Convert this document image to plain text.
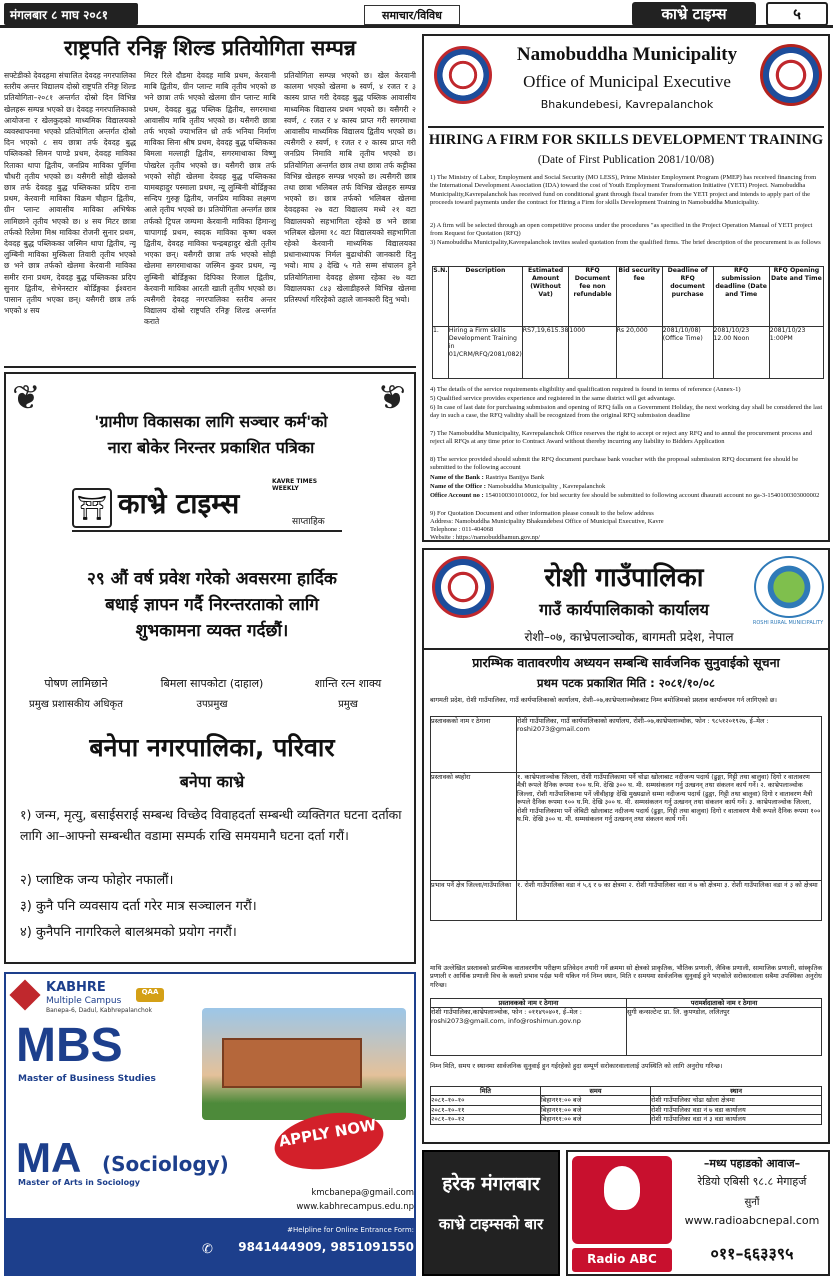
मंगलबार ८ माघ २०८१	समाचार/विविध	काभ्रे टाइम्स	५
राष्ट्रपति रनिङ्ग शिल्ड प्रतियोगिता सम्पन्न
सफ्टेडीको देवदहमा संचालित देवदह नगरपालिका स्तरीय अन्तर विद्यालय दोस्रो राष्ट्रपति रनिङ्ग शिल्ड प्रतियोगिता–२०८१ अन्तर्गत दोस्रो दिन विभिन्न खेलहरू सम्पन्न भएको छ। देवदह नगरपालिकाको आयोजना र खेलकुदको माध्यमिक विद्यालयको व्यवस्थापनमा भएको प्रतियोगिता अन्तर्गत दोस्रो दिन भएको ८ सय छात्रा तर्फ देवदह बुद्ध पब्लिकको सिमन पाण्डे प्रथम, देवदह माविका रिताका थापा द्वितीय, जनप्रिय माविका पूर्णिमा चौधरी तृतीय भएको छ। यसैगरी सोही खेलको छात्र तर्फ देवदह बुद्ध पब्लिकका प्रदिप राना प्रथम, केरवानी माविका विक्रम चौहान द्वितीय, ग्रीन प्लान्ट आवासीय माविका अभिषेक लामिछाने तृतीय भएको छ। ४ सय मिटर छात्रा तर्फको रिलेमा मिश्र माविका रोजनी सुनार प्रथम, देवदह बुद्ध पब्लिकका जस्मिन थापा द्वितीय, न्यू लुम्बिनी माविका मुस्किला तिवारी तृतीय भएको छ भने छात्र तर्फको खेलमा केरवानी माविका समीर राना प्रथम, देवदह बुद्ध पब्लिकका प्रदिप सुनार द्वितीय, सेभेनस्टार बोर्डिङ्गका ईश्वरान पासान तृतीय भएका छन्। यसैगरी छात्र तर्फ भएको ४ सय
मिटर रिले दौडमा देवदह माबि प्रथम, केरवानी माबि द्वितीय, ग्रीन प्लान्ट माबि तृतीय भएको छ भने छात्रा तर्फ भएको खेलमा ग्रीन प्लान्ट माबि प्रथम, देवदह बुद्ध पब्लिक द्वितीय, सगरमाथा आवासीय माबि तृतीय भएको छ। यसैगरी छात्रा तर्फ भएको ज्याभलिन थ्रो तर्फ भनिया निर्माण माविका सिना श्रीष प्रथम, देवदह बुद्ध पब्लिकका बिमला मल्लाही द्वितीय, सगरमाथाका विष्णु पोखरेल तृतीय भएको छ। यसैगरी छात्र तर्फ भएको सोही खेलमा देवदह बुद्ध पब्लिकका यामबहादुर पस्माला प्रथम, न्यू लुम्बिनी बोर्डिङ्गका सन्दिप गुरुङ्ग द्वितीय, जनप्रिय माविका लक्ष्मण आले तृतीय भएको छ। प्रतियोगिता अन्तर्गत छात्र तर्फको ट्रिपल जम्पमा केरवानी माविका हिमान्शु चापागाई प्रथम, स्वदक माविका कृष्ण थक्ल द्वितीय, देवदह माविका चन्द्रबहादुर खेती तृतीय भएका छन्। यसैगरी छात्रा तर्फ भएको सोही खेलमा सगरमाथाका जस्मिन कुवर प्रथम, न्यू लुम्बिनी बोर्डिङ्गका दिपिका रिजाल द्वितीय, केरवानी माविका आरती खाती तृतीय भएको छ। त्यसैगरी देवदह नगरपालिका स्तरीय अन्तर विद्यालय दोस्रो राष्ट्रपति रनिङ्ग शिल्ड अन्तर्गत कराते
प्रतियोगिता सम्पन्न भएको छ। खेल केरवानी कालमा भएको खेलमा ७ स्वर्ण, ४ रजत र ३ कास्य प्राप्त गरी देवदह बुद्ध पब्लिक आवासीय माध्यमिक विद्यालय प्रथम भएको छ। यसैगरी २ स्वर्ण, ८ रजत र ४ कास्य प्राप्त गरी सगरमाथा आवासीय माध्यमिक विद्यालय द्वितीय भएको छ। त्यसैगरी २ स्वर्ण, १ रजत र २ कास्य प्राप्त गरी जनप्रिय निमावि माबि तृतीय भएको छ। प्रतियोगिता अन्तर्गत छात्र तथा छात्रा तर्फ कट्टीका विभिन्न खेलहरु सम्पन्न भएको छ। त्यसैगरी छात्र तथा छात्रा भलिबल तर्फ विभिन्न खेलहरु सम्पन्न भएको छ। छात्र तर्फको भलिबल खेलमा देवदहका २७ वटा विद्यालय मध्ये २१ वटा विद्यालयको सहभागिता रहेको छ भने छात्रा भलिबल खेलमा १८ वटा विद्यालयको सहभागिता रहेको केरवानी माध्यमिक विद्यालयका प्रधानाध्यापक निर्मल बुढाथोकी जानकारी दिनु भयो। माघ ३ देखि ५ गते सम्म संचालन हुने प्रतियोगितामा देवदह क्षेत्रमा रहेका २७ वटा विद्यालयका ८४३ खेलाडीहरुले विभिन्न खेलमा प्रतिस्पर्धा गरिरहेको उहाले जानकारी दिनु भयो।
❦	❦
'ग्रामीण विकासका लागि सञ्चार कर्म'को
नारा बोकेर निरन्तर प्रकाशित पत्रिका
⛩
KAVRE TIMES WEEKLY
काभ्रे टाइम्स
साप्ताहिक
२९ औं वर्ष प्रवेश गरेको अवसरमा हार्दिक
बधाई ज्ञापन गर्दै निरन्तरताको लागि
शुभकामना व्यक्त गर्दछौं।
पोषण लामिछाने
प्रमुख प्रशासकीय अधिकृत
बिमला सापकोटा (दाहाल)
उपप्रमुख
शान्ति रत्न शाक्य
प्रमुख
बनेपा नगरपालिका, परिवार
बनेपा काभ्रे
१) जन्म, मृत्यु, बसाईसराई सम्बन्ध विच्छेद विवाहदर्ता सम्बन्धी व्यक्तिगत घटना दर्ताका लागि आ–आफ्नो सम्बन्धीत वडामा सम्पर्क राखि समयमानै घटना दर्ता गरौं।
२) प्लाष्टिक जन्य फोहोर नफालौं।
३) कुनै पनि व्यवसाय दर्ता गरेर मात्र सञ्चालन गरौं।
४) कुनैपनि नागरिकले बालश्रमको प्रयोग नगरौं।
KABHRE
Multiple Campus
Banepa-6, Dadul, Kabhrepalanchok
QAA
MBS
Master of Business Studies
APPLY NOW
MA	(Sociology)
Master of Arts in Sociology
kmcbanepa@gmail.com
www.kabhrecampus.edu.np
#Helpline for Online Entrance Form:
✆	9841444909, 9851091550
Namobuddha Municipality
Office of Municipal Executive
Bhakundebesi, Kavrepalanchok
HIRING A FIRM FOR SKILLS DEVELOPMENT TRAINING
(Date of First Publication 2081/10/08)
1) The Ministry of Labor, Employment and Social Security (MO LESS), Prime Minister Employment Program (PMEP) has received financing from the International Development Association (IDA) toward the cost of Youth Employment Transformation Initiative (YETI) Project. Namobuddha Municipality,Kavrepalanchok has received fund on conditional grant through fiscal transfer from the YETI project and intends to apply part of the proceeds toward payments under the contract for Hiring a Firm for skills Development Training in Namobuddha Municipality.
2) A firm will be selected through an open competitive process under the procedures "as specified in the Project Operation Manual of YETI project from Request for Quotation (RFQ)
3) Namobuddha Municipality,Kavrepalanchok invites sealed quotation from the qualified firms. The brief description of the procurement is as follows
S.N.	Description	Estimated Amount (Without Vat)	RFQ Document fee non refundable	Bid security fee	Deadline of RFQ document purchase	RFQ submission deadline (Date and Time	RFQ Opening Date and Time
1.	Hiring a Firm skills Development Training in 01/CRM/RFQ/2081/082)	RS7,19,615.38	1000	Rs 20,000	2081/10/08) (Office Time)	2081/10/23 12.00 Noon	2081/10/23 1:00PM
4) The details of the service requirements eligibility and qualification required is found in terms of reference (Annex-1)
5) Qualified service provides experience and registered in the same district will get advantage.
6) In case of last date for purchasing submission and opening of RFQ falls on a Government Holiday, the next working day shall be considered the last day in such a case, the RFQ validity shall be recognized from the original RFQ submission deadline
7) The Namobuddha Municipality, Kavrepalanchok Office reserves the right to accept or reject any RFQ and to annul the procurement process and reject all RFQs at any time prior to Contract Award without thereby incurring any liability to Bidders Application
8) The service provided should submit the RFQ document purchase bank voucher with the proposal submission RFQ document fee should be submitted to the following account
Name of the Bank : Rastriya Banijya Bank
Name of the Office : Namobuddha Municipality , Kavrepalanchok
Office Account no : 1540100301010002, for bid security fee should be submitted to following account dhaurati account no ga-3-1540100303000002
9) For Quotation Document and other information please consult to the below address
Address: Namobuddha Municipality Bhakundebesi Office of Municipal Executive, Kavre
Telephone : 011-404068
Website : https://namobuddhamun.gov.np/
ROSHI RURAL MUNICIPALITY
रोशी गाउँपालिका
गाउँ कार्यपालिकाको कार्यालय
रोशी–०७, काभ्रेपलाञ्चोक, बागमती प्रदेश, नेपाल
प्रारम्भिक वातावरणीय अध्ययन सम्बन्धि सार्वजनिक सुनुवाईको सूचना
प्रथम पटक प्रकाशित मिति : २०८१/१०/०८
बागमती प्रदेश, रोशी गाउँपालिका, गाउँ कार्यपालिकाको कार्यालय, रोशी–०७,काभ्रेपलाञ्चोकबाट निम्न बमोजिमको प्रस्ताव कार्यान्वयन गर्न लागिएको छ।
प्रस्तावकको नाम र ठेगाना	रोशी गाउँपालिका, गाउँ कार्यपालिकाको कार्यालय, रोशी–०७,काभ्रेपलाञ्चोक, फोन : ९८५१२०१९२७, ई–मेल : roshi2073@gmail.com
प्रस्तावको ब्यहोरा	१. काभ्रेपलाञ्चोक जिल्ला, रोशी गाउँपालिकामा पर्ने चोढा खोलाबाट नदीजन्य पदार्थ (ढुङ्गा, गिट्टी तथा बालुवा) दिगो र वातावरण मैत्री रूपले दैनिक रूपमा १०० घ.मि. देखि ३०० घ. मी. सम्मसंकलन गर्नु उत्खनन् तथा संकलन कार्य गर्ने। २. काभ्रेपलाञ्चोक जिल्ला, रोशी गाउँपालिकामा पर्ने जीवीहाङ्ग देखि मुख्यढाले सम्मा नदीजन्य पदार्थ (ढुङ्गा, गिट्टी तथा बालुवा) दिगो र वातावरण मैत्री रूपले दैनिक रूपमा १०० घ.मि. देखि ३०० घ. मी. सम्मसंकलन गर्नु उत्खनन् तथा संकलन कार्य गर्ने। ३. काभ्रेपलाञ्चोक जिल्ला, रोशी गाउँपालिकामा पर्ने जेबिटी खोलाबाट नदीजन्य पदार्थ (ढुङ्गा, गिट्टी तथा बालुवा) दिगो र वातावरण मैत्री रूपले दैनिक रूपमा १०० घ.मि. देखि ३०० घ. मी. सम्मसंकलन गर्नु उत्खनन् तथा संकलन कार्य गर्ने।
प्रभाव पर्ने क्षेत्र जिल्ला/गाउँपालिका	१. रोशी गाउँपालिका वडा नं ५,६ र ७ का क्षेत्रमा २. रोशी गाउँपालिका वडा नं ७ को क्षेत्रमा ३. रोशी गाउँपालिका वडा नं ३ को क्षेत्रमा
माथि उल्लेखित प्रस्तावको प्रारम्भिक वातावरणीय परीक्षण प्रतिवेदन तयारी गर्ने क्रममा सो क्षेत्रको प्राकृतिक, भौतिक प्रणाली, जैविक प्रणाली, सामाजिक प्रणाली, सांस्कृतिक प्रणाली र आर्थिक प्रणाली विच के कस्तो प्रभाव पर्दछ भनी यकिन गर्न निम्न स्थान, मिति र समयमा सार्वजनिक सुनुवाई हुने भएकोले सरोकारवाला सबैमा उपस्थिका अनुरोध गरिन्छ।
प्रस्तावकको नाम र ठेगाना	परामर्शदाताको नाम र ठेगाना
रोशी गाउँपालिका,काभ्रेपलाञ्चोक, फोन : ०११४९०४०१, ई–मेल : roshi2073@gmail.com, info@roshimun.gov.np	सुगी कन्सल्टेन्ट प्रा. लि. कुपण्डोल, ललितपुर
निम्न मिति, समय र स्थानमा सार्वजनिक सुनुवाई हुन गईरहेको हुदा सम्पूर्ण सरोकारवालालाई उपस्थिति को लागि अनुरोध गरिन्छ।
मिति	समय	स्थान
२०८१–१०–१०	बिहान११:०० बजे	रोशी गाउँपालिका चोढा खोला क्षेत्रमा
२०८१–१०–११	बिहान११:०० बजे	रोशी गाउँपालिका वडा नं ७ वडा कार्यालय
२०८१–१०–१२	बिहान११:०० बजे	रोशी गाउँपालिका वडा नं ३ वडा कार्यालय
हरेक मंगलबार
काभ्रे टाइम्सको बार
Radio ABC
–मध्य पहाडको आवाज–
रेडियो एबिसी ९८.८ मेगाहर्ज
सुनौं
www.radioabcnepal.com
०११–६६३३९५
